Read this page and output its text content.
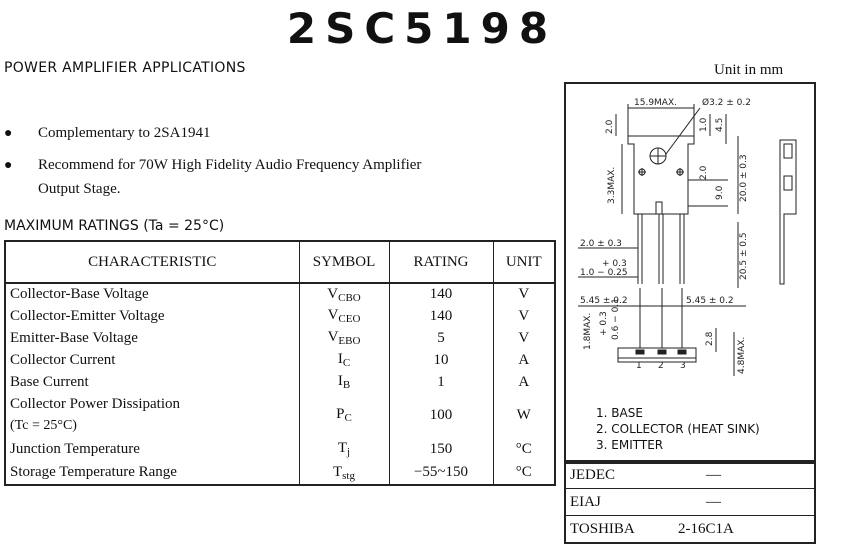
2SC5198
POWER AMPLIFIER APPLICATIONS	Unit in mm
● Complementary to 2SA1941
● Recommend for 70W High Fidelity Audio Frequency Amplifier
Output Stage.
MAXIMUM RATINGS (Ta = 25°C)
CHARACTERISTIC	SYMBOL	RATING	UNIT
Collector-Base Voltage	$V_{CBO}$	140	V
Collector-Emitter Voltage	$V_{CEO}$	140	V
Emitter-Base Voltage	$V_{EBO}$	5	V
Collector Current	$I_C$	10	A
Base Current	$I_B$	1	A
Collector Power Dissipation
(Tc = 25°C)	$P_C$	100	W
Junction Temperature	$T_j$	150	°C
Storage Temperature Range	$T_{stg}$	−55~150	°C
15.9MAX.	Ø3.2 ± 0.2
2.0
3.3MAX.
1.0 4.5
2.0
9.0 20.0 ± 0.3
20.5 ± 0.5
2.0 ± 0.3
+ 0.3
1.0 − 0.25
5.45 ± 0.2	5.45 ± 0.2
1 2 3
1.8MAX. + 0.3 0.6 − 0.1	2.8 4.8MAX.
1. BASE
2. COLLECTOR (HEAT SINK)
3. EMITTER
JEDEC	—
EIAJ	—
TOSHIBA	2-16C1A
